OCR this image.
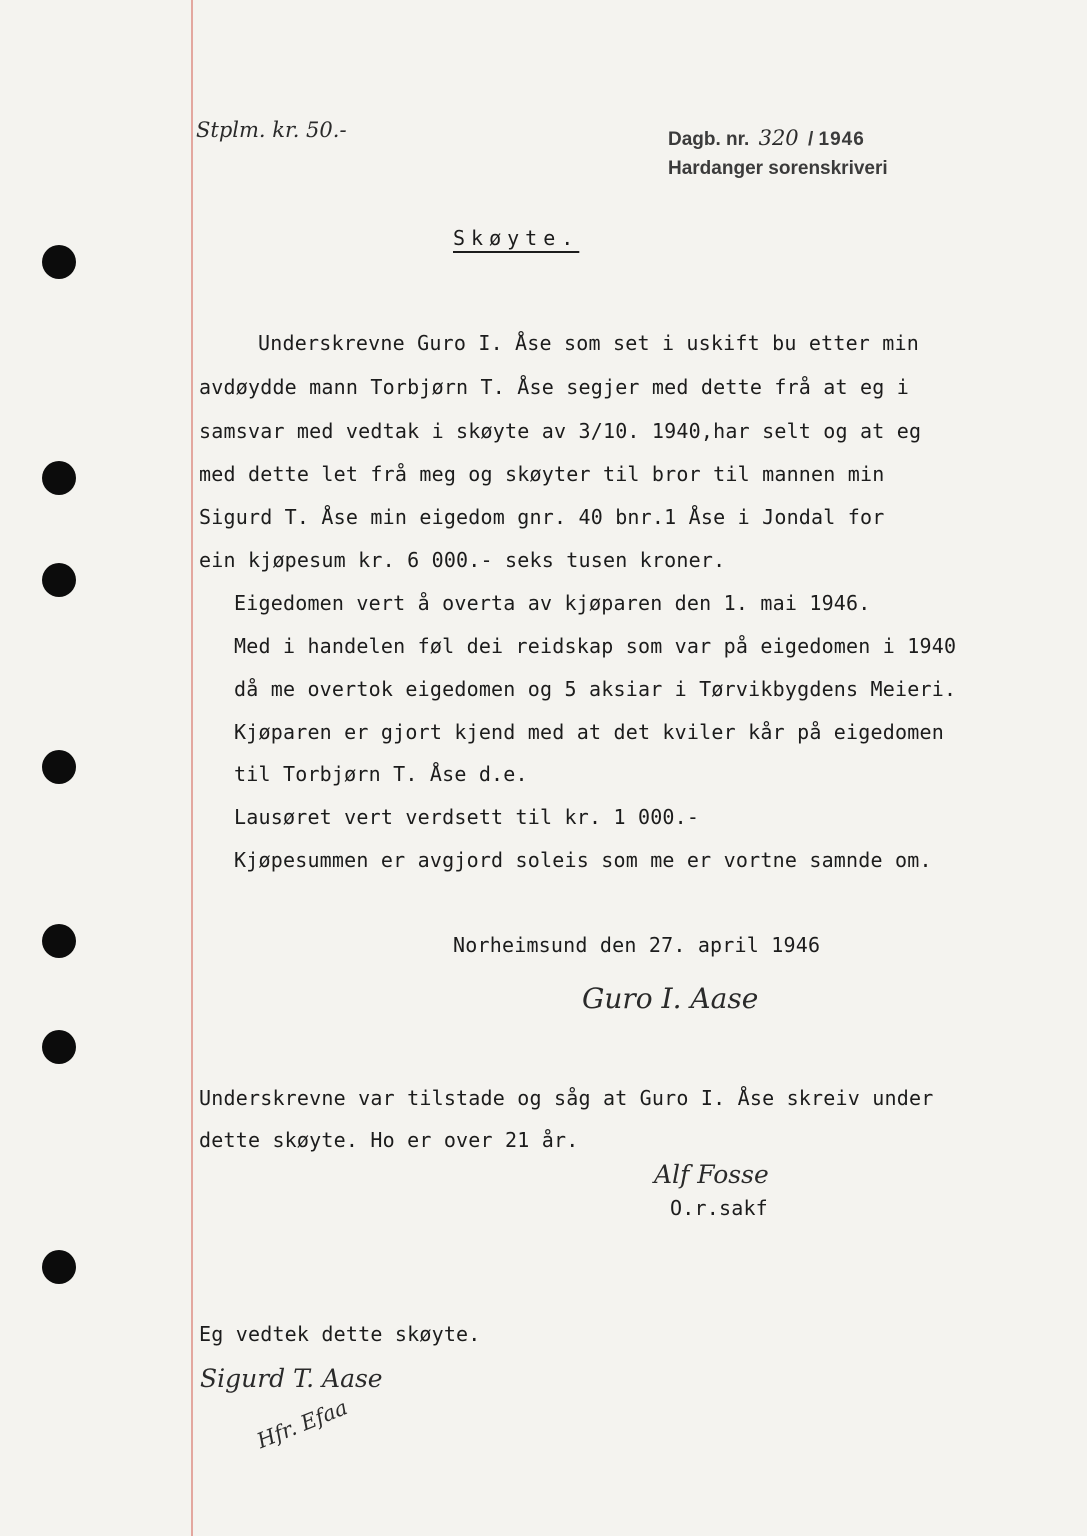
Stplm. kr. 50.-	Dagb. nr. 320 / 1946
Hardanger sorenskriveri
Skøyte.
Underskrevne Guro I. Åse som set i uskift bu etter min
avdøydde mann Torbjørn T. Åse segjer med dette frå at eg i
samsvar med vedtak i skøyte av 3/10. 1940,har selt og at eg
med dette let frå meg og skøyter til bror til mannen min
Sigurd T. Åse min eigedom gnr. 40 bnr.1 Åse i Jondal for
ein kjøpesum kr. 6 000.- seks tusen kroner.
Eigedomen vert å overta av kjøparen den 1. mai 1946.
Med i handelen føl dei reidskap som var på eigedomen i 1940
då me overtok eigedomen og 5 aksiar i Tørvikbygdens Meieri.
Kjøparen er gjort kjend med at det kviler kår på eigedomen
til Torbjørn T. Åse d.e.
Lausøret vert verdsett til kr. 1 000.-
Kjøpesummen er avgjord soleis som me er vortne samnde om.
Norheimsund den 27. april 1946
Guro I. Aase
Underskrevne var tilstade og såg at Guro I. Åse skreiv under
dette skøyte. Ho er over 21 år.
Alf Fosse
O.r.sakf
Eg vedtek dette skøyte.
Sigurd T. Aase
Hfr. Efaa
